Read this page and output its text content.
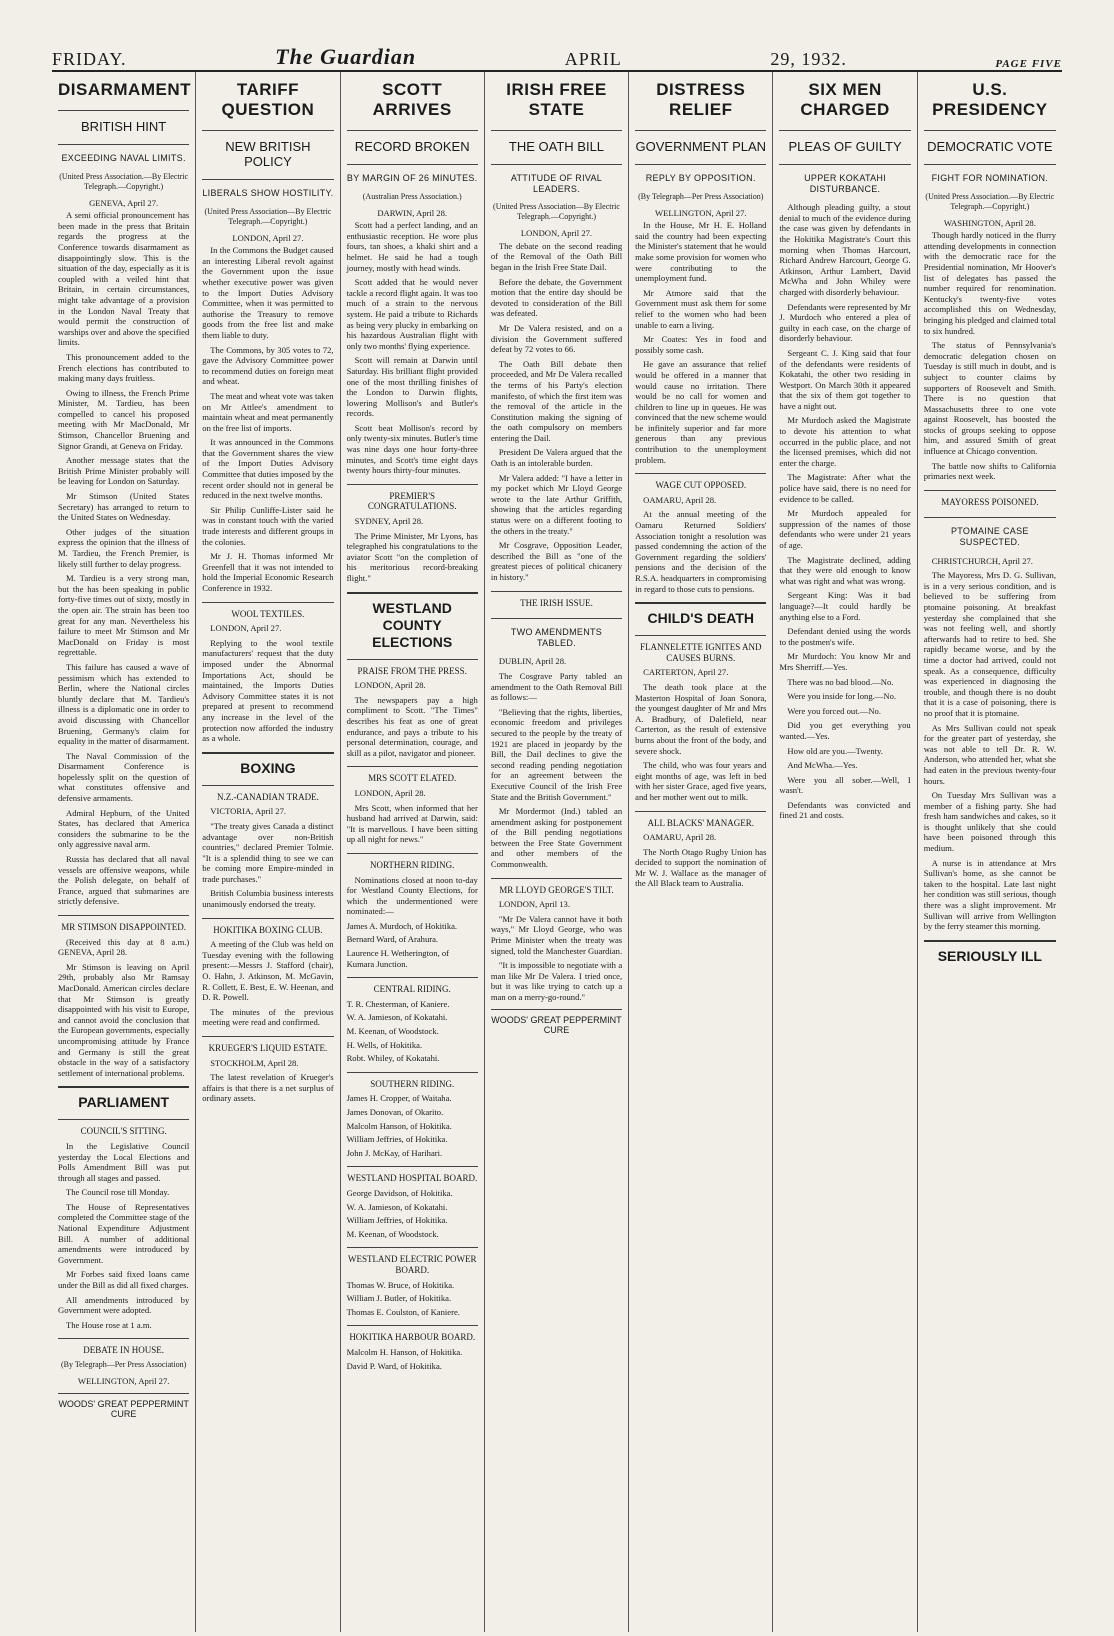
FRIDAY.	The Guardian	APRIL	29, 1932.	PAGE FIVE
DISARMAMENT
BRITISH HINT
EXCEEDING NAVAL LIMITS.
(United Press Association.—By Electric Telegraph.—Copyright.)
GENEVA, April 27.

A semi official pronouncement has been made in the press that Britain regards the progress at the Conference towards disarmament as disappointingly slow. This is the situation of the day, especially as it is coupled with a veiled hint that Britain, in certain circumstances, might take advantage of a provision in the London Naval Treaty that would permit the construction of warships over and above the specified limits.

This pronouncement added to the French elections has contributed to making many days fruitless.

Owing to illness, the French Prime Minister, M. Tardieu, has been compelled to cancel his proposed meeting with Mr MacDonald, Mr Stimson, Chancellor Bruening and Signor Grandi, at Geneva on Friday.

Another message states that the British Prime Minister probably will be leaving for London on Saturday.

Mr Stimson (United States Secretary) has arranged to return to the United States on Wednesday.

Other judges of the situation express the opinion that the illness of M. Tardieu, the French Premier, is likely still further to delay progress.

M. Tardieu is a very strong man, but the has been speaking in public forty-five times out of sixty, mostly in the open air. The strain has been too great for any man. Nevertheless his failure to meet Mr Stimson and Mr MacDonald on Friday is most regrettable.

This failure has caused a wave of pessimism which has extended to Berlin, where the National circles bluntly declare that M. Tardieu's illness is a diplomatic one in order to avoid discussing with Chancellor Bruening, Germany's claim for equality in the matter of disarmament.

The Naval Commission of the Disarmament Conference is hopelessly split on the question of what constitutes offensive and defensive armaments.

Admiral Hepburn, of the United States, has declared that America considers the submarine to be the only aggressive naval arm.

Russia has declared that all naval vessels are offensive weapons, while the Polish delegate, on behalf of France, argued that submarines are strictly defensive.

MR STIMSON DISAPPOINTED.

(Received this day at 8 a.m.) GENEVA, April 28.

Mr Stimson is leaving on April 29th, probably also Mr Ramsay MacDonald. American circles declare that Mr Stimson is greatly disappointed with his visit to Europe, and cannot avoid the conclusion that the European governments, especially uncompromising attitude by France and Germany is still the great obstacle in the way of a satisfactory settlement of international problems.

PARLIAMENT
COUNCIL'S SITTING.

In the Legislative Council yesterday the Local Elections and Polls Amendment Bill was put through all stages and passed.

The Council rose till Monday.

The House of Representatives completed the Committee stage of the National Expenditure Adjustment Bill. A number of additional amendments were introduced by Government.

Mr Forbes said fixed loans came under the Bill as did all fixed charges.

All amendments introduced by Government were adopted.

The House rose at 1 a.m.

DEBATE IN HOUSE.
(By Telegraph—Per Press Association)
WELLINGTON, April 27.
WOODS' GREAT PEPPERMINT CURE
TARIFF QUESTION
NEW BRITISH POLICY
LIBERALS SHOW HOSTILITY.
(United Press Association—By Electric Telegraph.—Copyright.)
LONDON, April 27.

In the Commons the Budget caused an interesting Liberal revolt against the Government upon the issue whether executive power was given to the Import Duties Advisory Committee, when it was permitted to authorise the Treasury to remove goods from the free list and make them liable to duty.

The Commons, by 305 votes to 72, gave the Advisory Committee power to recommend duties on foreign meat and wheat.

The meat and wheat vote was taken on Mr Attlee's amendment to maintain wheat and meat permanently on the free list of imports.

It was announced in the Commons that the Government shares the view of the Import Duties Advisory Committee that duties imposed by the recent order should not in general be reduced in the next twelve months.

Sir Philip Cunliffe-Lister said he was in constant touch with the varied trade interests and different groups in the colonies.

Mr J. H. Thomas informed Mr Greenfell that it was not intended to hold the Imperial Economic Research Conference in 1932.

WOOL TEXTILES.

LONDON, April 27.

Replying to the wool textile manufacturers' request that the duty imposed under the Abnormal Importations Act, should be maintained, the Imports Duties Advisory Committee states it is not prepared at present to recommend any increase in the level of the protection now afforded the industry as a whole.

BOXING
N.Z.-CANADIAN TRADE.

VICTORIA, April 27.

"The treaty gives Canada a distinct advantage over non-British countries," declared Premier Tolmie. "It is a splendid thing to see we can be coming more Empire-minded in trade purchases."

British Columbia business interests unanimously endorsed the treaty.

HOKITIKA BOXING CLUB.

A meeting of the Club was held on Tuesday evening with the following present:—Messrs J. Stafford (chair), O. Hahn, J. Atkinson, M. McGavin, R. Collett, E. Best, E. W. Heenan, and D. R. Powell.

The minutes of the previous meeting were read and confirmed.

KRUEGER'S LIQUID ESTATE.

STOCKHOLM, April 28.

The latest revelation of Krueger's affairs is that there is a net surplus of ordinary assets.

SCOTT ARRIVES
RECORD BROKEN
BY MARGIN OF 26 MINUTES.
(Australian Press Association.)
DARWIN, April 28.

Scott had a perfect landing, and an enthusiastic reception. He wore plus fours, tan shoes, a khaki shirt and a helmet. He said he had a tough journey, mostly with head winds.

Scott added that he would never tackle a record flight again. It was too much of a strain to the nervous system. He paid a tribute to Richards as being very plucky in embarking on his hazardous Australian flight with only two months' flying experience.

Scott will remain at Darwin until Saturday. His brilliant flight provided one of the most thrilling finishes of the London to Darwin flights, lowering Mollison's and Butler's records.

Scott beat Mollison's record by only twenty-six minutes. Butler's time was nine days one hour forty-three minutes, and Scott's time eight days twenty hours thirty-four minutes.

PREMIER'S CONGRATULATIONS.

SYDNEY, April 28.

The Prime Minister, Mr Lyons, has telegraphed his congratulations to the aviator Scott "on the completion of his meritorious record-breaking flight."

WESTLAND COUNTY ELECTIONS
PRAISE FROM THE PRESS.

LONDON, April 28.

The newspapers pay a high compliment to Scott. "The Times" describes his feat as one of great endurance, and pays a tribute to his personal determination, courage, and skill as a pilot, navigator and pioneer.

MRS SCOTT ELATED.

LONDON, April 28.

Mrs Scott, when informed that her husband had arrived at Darwin, said: "It is marvellous. I have been sitting up all night for news."

NORTHERN RIDING.

Nominations closed at noon to-day for Westland County Elections, for which the undermentioned were nominated:—

James A. Murdoch, of Hokitika.

Bernard Ward, of Arahura.

Laurence H. Wetherington, of Kumara Junction.

CENTRAL RIDING.

T. R. Chesterman, of Kaniere.

W. A. Jamieson, of Kokatahi.

M. Keenan, of Woodstock.

H. Wells, of Hokitika.

Robt. Whiley, of Kokatahi.

SOUTHERN RIDING.

James H. Cropper, of Waitaha.

James Donovan, of Okarito.

Malcolm Hanson, of Hokitika.

William Jeffries, of Hokitika.

John J. McKay, of Harihari.

WESTLAND HOSPITAL BOARD.

George Davidson, of Hokitika.

W. A. Jamieson, of Kokatahi.

William Jeffries, of Hokitika.

M. Keenan, of Woodstock.

WESTLAND ELECTRIC POWER BOARD.

Thomas W. Bruce, of Hokitika.

William J. Butler, of Hokitika.

Thomas E. Coulston, of Kaniere.

HOKITIKA HARBOUR BOARD.

Malcolm H. Hanson, of Hokitika.

David P. Ward, of Hokitika.

IRISH FREE STATE
THE OATH BILL
ATTITUDE OF RIVAL LEADERS.
(United Press Association—By Electric Telegraph.—Copyright.)
LONDON, April 27.

The debate on the second reading of the Removal of the Oath Bill began in the Irish Free State Dail.

Before the debate, the Government motion that the entire day should be devoted to consideration of the Bill was defeated.

Mr De Valera resisted, and on a division the Government suffered defeat by 72 votes to 66.

The Oath Bill debate then proceeded, and Mr De Valera recalled the terms of his Party's election manifesto, of which the first item was the removal of the article in the Constitution making the signing of the oath compulsory on members entering the Dail.

President De Valera argued that the Oath is an intolerable burden.

Mr Valera added: "I have a letter in my pocket which Mr Lloyd George wrote to the late Arthur Griffith, showing that the articles regarding status were on a different footing to the others in the treaty."

Mr Cosgrave, Opposition Leader, described the Bill as "one of the greatest pieces of political chicanery in history."

THE IRISH ISSUE.
TWO AMENDMENTS TABLED.

DUBLIN, April 28.

The Cosgrave Party tabled an amendment to the Oath Removal Bill as follows:—

"Believing that the rights, liberties, economic freedom and privileges secured to the people by the treaty of 1921 are placed in jeopardy by the Bill, the Dail declines to give the second reading pending negotiation for an agreement between the Executive Council of the Irish Free State and the British Government."

Mr Mordermot (Ind.) tabled an amendment asking for postponement of the Bill pending negotiations between the Free State Government and other members of the Commonwealth.

MR LLOYD GEORGE'S TILT.

LONDON, April 13.

"Mr De Valera cannot have it both ways," Mr Lloyd George, who was Prime Minister when the treaty was signed, told the Manchester Guardian.

"It is impossible to negotiate with a man like Mr De Valera. I tried once, but it was like trying to catch up a man on a merry-go-round."

WOODS' GREAT PEPPERMINT CURE
DISTRESS RELIEF
GOVERNMENT PLAN
REPLY BY OPPOSITION.
(By Telegraph—Per Press Association)
WELLINGTON, April 27.

In the House, Mr H. E. Holland said the country had been expecting the Minister's statement that he would make some provision for women who were contributing to the unemployment fund.

Mr Atmore said that the Government must ask them for some relief to the women who had been unable to earn a living.

Mr Coates: Yes in food and possibly some cash.

He gave an assurance that relief would be offered in a manner that would cause no irritation. There would be no call for women and children to line up in queues. He was convinced that the new scheme would be infinitely superior and far more generous than any previous contribution to the unemployment problem.

WAGE CUT OPPOSED.

OAMARU, April 28.

At the annual meeting of the Oamaru Returned Soldiers' Association tonight a resolution was passed condemning the action of the Government regarding the soldiers' pensions and the decision of the R.S.A. headquarters in compromising in regard to those cuts to pensions.

CHILD'S DEATH
FLANNELETTE IGNITES AND CAUSES BURNS.

CARTERTON, April 27.

The death took place at the Masterton Hospital of Joan Sonora, the youngest daughter of Mr and Mrs A. Bradbury, of Dalefield, near Carterton, as the result of extensive burns about the front of the body, and severe shock.

The child, who was four years and eight months of age, was left in bed with her sister Grace, aged five years, and her mother went out to milk.

ALL BLACKS' MANAGER.

OAMARU, April 28.

The North Otago Rugby Union has decided to support the nomination of Mr W. J. Wallace as the manager of the All Black team to Australia.

SIX MEN CHARGED
PLEAS OF GUILTY
UPPER KOKATAHI DISTURBANCE.

Although pleading guilty, a stout denial to much of the evidence during the case was given by defendants in the Hokitika Magistrate's Court this morning when Thomas Harcourt, Richard Andrew Harcourt, George G. Atkinson, Arthur Lambert, David McWha and John Whiley were charged with disorderly behaviour.

Defendants were represented by Mr J. Murdoch who entered a plea of guilty in each case, on the charge of disorderly behaviour.

Sergeant C. J. King said that four of the defendants were residents of Kokatahi, the other two residing in Westport. On March 30th it appeared that the six of them got together to have a night out.

Mr Murdoch asked the Magistrate to devote his attention to what occurred in the public place, and not the licensed premises, which did not enter the charge.

The Magistrate: After what the police have said, there is no need for evidence to be called.

Mr Murdoch appealed for suppression of the names of those defendants who were under 21 years of age.

The Magistrate declined, adding that they were old enough to know what was right and what was wrong.

Sergeant King: Was it bad language?—It could hardly be anything else to a Ford.

Defendant denied using the words to the postmen's wife.

Mr Murdoch: You know Mr and Mrs Sherriff.—Yes.

There was no bad blood.—No.

Were you inside for long.—No.

Were you forced out.—No.

Did you get everything you wanted.—Yes.

How old are you.—Twenty.

And McWha.—Yes.

Were you all sober.—Well, I wasn't.

Defendants was convicted and fined 21 and costs.

U.S. PRESIDENCY
DEMOCRATIC VOTE
FIGHT FOR NOMINATION.
(United Press Association.—By Electric Telegraph.—Copyright.)
WASHINGTON, April 28.

Though hardly noticed in the flurry attending developments in connection with the democratic race for the Presidential nomination, Mr Hoover's list of delegates has passed the number required for renomination. Kentucky's twenty-five votes accomplished this on Wednesday, bringing his pledged and claimed total to six hundred.

The status of Pennsylvania's democratic delegation chosen on Tuesday is still much in doubt, and is subject to counter claims by supporters of Roosevelt and Smith. There is no question that Massachusetts three to one vote against Roosevelt, has boosted the stocks of groups seeking to oppose him, and assured Smith of great influence at Chicago convention.

The battle now shifts to California primaries next week.

MAYORESS POISONED.
PTOMAINE CASE SUSPECTED.

CHRISTCHURCH, April 27.

The Mayoress, Mrs D. G. Sullivan, is in a very serious condition, and is believed to be suffering from ptomaine poisoning. At breakfast yesterday she complained that she was not feeling well, and shortly afterwards had to retire to bed. She rapidly became worse, and by the time a doctor had arrived, could not speak. As a consequence, difficulty was experienced in diagnosing the trouble, and though there is no doubt that it is a case of poisoning, there is no proof that it is ptomaine.

As Mrs Sullivan could not speak for the greater part of yesterday, she was not able to tell Dr. R. W. Anderson, who attended her, what she had eaten in the previous twenty-four hours.

On Tuesday Mrs Sullivan was a member of a fishing party. She had fresh ham sandwiches and cakes, so it is thought unlikely that she could have been poisoned through this medium.

A nurse is in attendance at Mrs Sullivan's home, as she cannot be taken to the hospital. Late last night her condition was still serious, though there was a slight improvement. Mr Sullivan will arrive from Wellington by the ferry steamer this morning.

SERIOUSLY ILL
